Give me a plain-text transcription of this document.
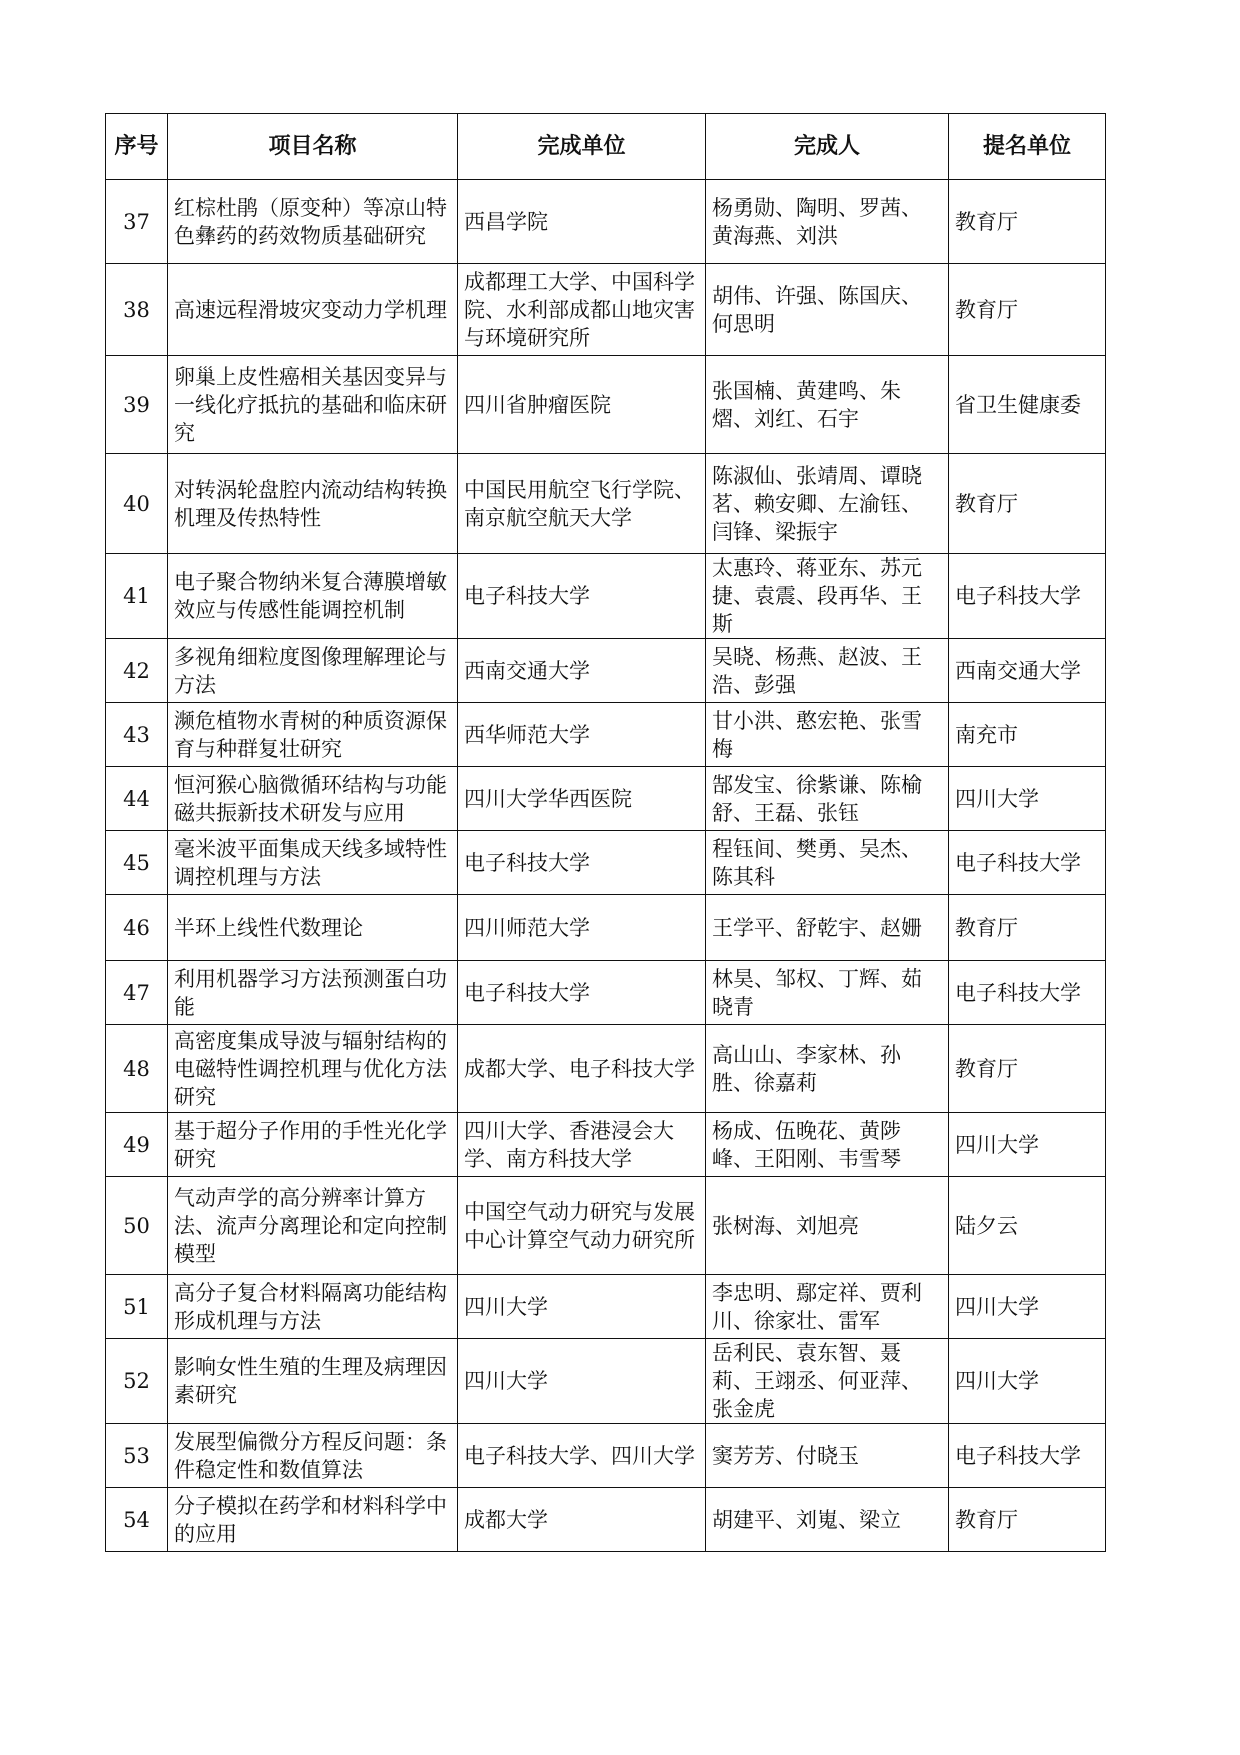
序号	项目名称	完成单位	完成人	提名单位
37	红棕杜鹃（原变种）等凉山特色彝药的药效物质基础研究	西昌学院	杨勇勋、陶明、罗茜、黄海燕、刘洪	教育厅
38	高速远程滑坡灾变动力学机理	成都理工大学、中国科学院、水利部成都山地灾害与环境研究所	胡伟、许强、陈国庆、何思明	教育厅
39	卵巢上皮性癌相关基因变异与一线化疗抵抗的基础和临床研究	四川省肿瘤医院	张国楠、黄建鸣、朱熠、刘红、石宇	省卫生健康委
40	对转涡轮盘腔内流动结构转换机理及传热特性	中国民用航空飞行学院、南京航空航天大学	陈淑仙、张靖周、谭晓茗、赖安卿、左渝钰、闫锋、梁振宇	教育厅
41	电子聚合物纳米复合薄膜增敏效应与传感性能调控机制	电子科技大学	太惠玲、蒋亚东、苏元捷、袁震、段再华、王斯	电子科技大学
42	多视角细粒度图像理解理论与方法	西南交通大学	吴晓、杨燕、赵波、王浩、彭强	西南交通大学
43	濒危植物水青树的种质资源保育与种群复壮研究	西华师范大学	甘小洪、憨宏艳、张雪梅	南充市
44	恒河猴心脑微循环结构与功能磁共振新技术研发与应用	四川大学华西医院	郜发宝、徐紫谦、陈榆舒、王磊、张钰	四川大学
45	毫米波平面集成天线多域特性调控机理与方法	电子科技大学	程钰间、樊勇、吴杰、陈其科	电子科技大学
46	半环上线性代数理论	四川师范大学	王学平、舒乾宇、赵姗	教育厅
47	利用机器学习方法预测蛋白功能	电子科技大学	林昊、邹权、丁辉、茹晓青	电子科技大学
48	高密度集成导波与辐射结构的电磁特性调控机理与优化方法研究	成都大学、电子科技大学	高山山、李家林、孙胜、徐嘉莉	教育厅
49	基于超分子作用的手性光化学研究	四川大学、香港浸会大学、南方科技大学	杨成、伍晚花、黄陟峰、王阳刚、韦雪琴	四川大学
50	气动声学的高分辨率计算方法、流声分离理论和定向控制模型	中国空气动力研究与发展中心计算空气动力研究所	张树海、刘旭亮	陆夕云
51	高分子复合材料隔离功能结构形成机理与方法	四川大学	李忠明、鄢定祥、贾利川、徐家壮、雷军	四川大学
52	影响女性生殖的生理及病理因素研究	四川大学	岳利民、袁东智、聂莉、王翊丞、何亚萍、张金虎	四川大学
53	发展型偏微分方程反问题：条件稳定性和数值算法	电子科技大学、四川大学	窦芳芳、付晓玉	电子科技大学
54	分子模拟在药学和材料科学中的应用	成都大学	胡建平、刘嵬、梁立	教育厅
